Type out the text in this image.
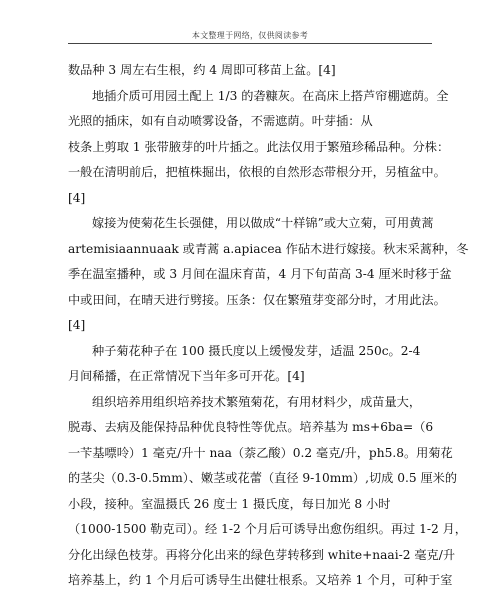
本文整理于网络，仅供阅读参考
数品种 3 周左右生根，约 4 周即可移苗上盆。[4]
地插介质可用园土配上 1/3 的砻糠灰。在高床上搭芦帘棚遮荫。全
光照的插床，如有自动喷雾设备，不需遮荫。叶芽插：从
枝条上剪取 1 张带腋芽的叶片插之。此法仅用于繁殖珍稀品种。分株：
一般在清明前后，把植株掘出，依根的自然形态带根分开，另植盆中。
[4]
嫁接为使菊花生长强健，用以做成“十样锦”或大立菊，可用黄蒿
artemisiaannuaak 或青蒿 a.apiacea 作砧木进行嫁接。秋末采蒿种，冬
季在温室播种，或 3 月间在温床育苗，4 月下旬苗高 3-4 厘米时移于盆
中或田间，在晴天进行劈接。压条：仅在繁殖芽变部分时，才用此法。
[4]
种子菊花种子在 100 摄氏度以上缓慢发芽，适温 250c。2-4
月间稀播，在正常情况下当年多可开花。[4]
组织培养用组织培养技术繁殖菊花，有用材料少，成苗量大，
脱毒、去病及能保持品种优良特性等优点。培养基为 ms+6ba=（6
一苄基嘌呤）1 毫克/升十 naa（萘乙酸）0.2 毫克/升，ph5.8。用菊花
的茎尖（0.3-0.5mm）、嫩茎或花蕾（直径 9-10mm）,切成 0.5 厘米的
小段，接种。室温摄氏 26 度士 1 摄氏度，每日加光 8 小时
（1000-1500 勒克司）。经 1-2 个月后可诱导出愈伤组织。再过 1-2 月，
分化出绿色枝芽。再将分化出来的绿色芽转移到 white+naai-2 毫克/升
培养基上，约 1 个月后可诱导生出健壮根系。又培养 1 个月，可种于室
